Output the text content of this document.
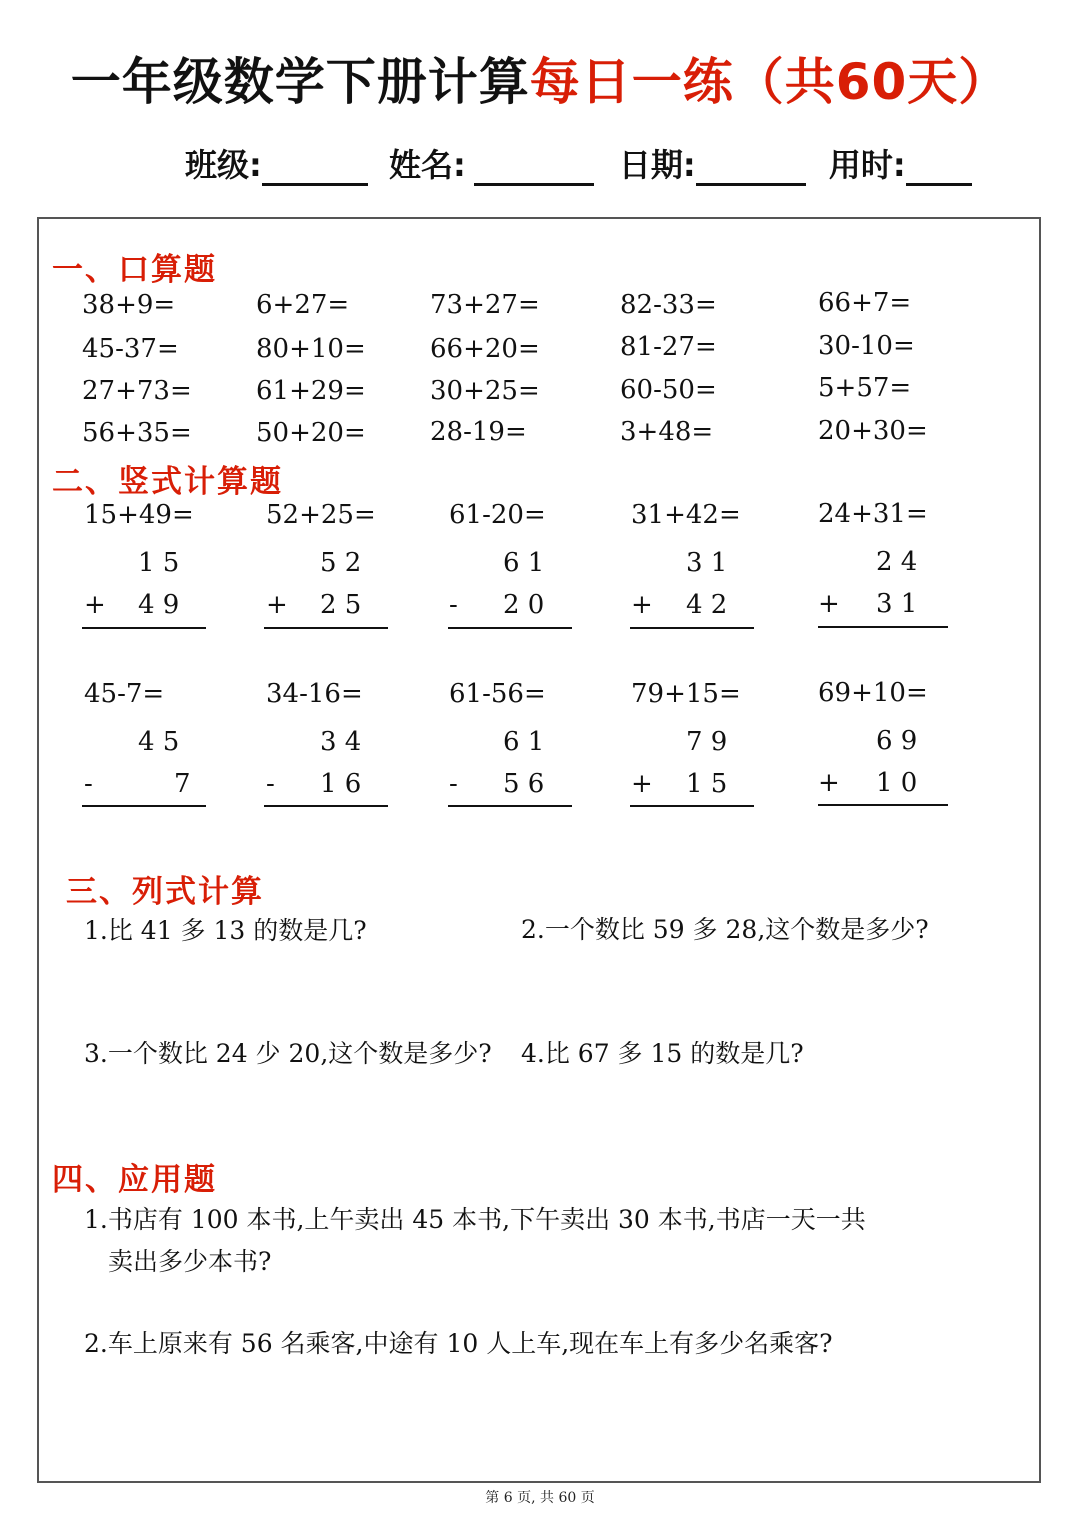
一年级数学下册计算每日一练（共60天）
班级:	姓名:	日期:	用时:
一、口算题
38+9=	6+27=	73+27=	82-33=	66+7=
45-37=	80+10= 66+20=	81-27=	30-10=
27+73= 61+29= 30+25=	60-50=	5+57=
56+35= 50+20= 28-19=	3+48=	20+30=
二、竖式计算题
15+49=
1 5
+ 4 9
52+25=
5 2
+ 2 5
61-20=
6 1
- 2 0
31+42=
3 1
+ 4 2
24+31=
2 4
+ 3 1
45-7=
4 5
-	7
34-16=
3 4
- 1 6
61-56=
6 1
- 5 6
79+15=
7 9
+ 1 5
69+10=
6 9
+ 1 0
三、列式计算
1.比 41 多 13 的数是几?	2.一个数比 59 多 28,这个数是多少?
3.一个数比 24 少 20,这个数是多少? 4.比 67 多 15 的数是几?
四、应用题
1.书店有 100 本书,上午卖出 45 本书,下午卖出 30 本书,书店一天一共
卖出多少本书?
2.车上原来有 56 名乘客,中途有 10 人上车,现在车上有多少名乘客?
第 6 页, 共 60 页
